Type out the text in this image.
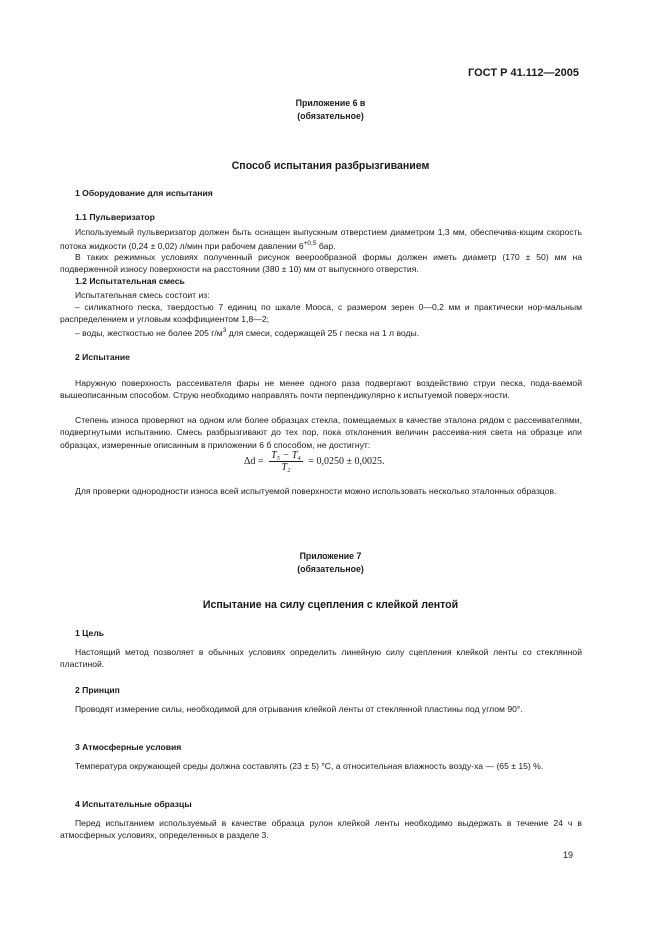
ГОСТ Р 41.112—2005
Приложение 6 в
(обязательное)
Способ испытания разбрызгиванием
1 Оборудование для испытания
1.1 Пульверизатор
Используемый пульверизатор должен быть оснащен выпускным отверстием диаметром 1,3 мм, обеспечива-ющим скорость потока жидкости (0,24 ± 0,02) л/мин при рабочем давлении $6^{+0,5}$ бар.
В таких режимных условиях полученный рисунок веерообразной формы должен иметь диаметр (170 ± 50) мм на подверженной износу поверхности на расстоянии (380 ± 10) мм от выпускного отверстия.
1.2 Испытательная смесь
Испытательная смесь состоит из:
– силикатного песка, твердостью 7 единиц по шкале Мооса, с размером зерен 0—0,2 мм и практически нор-мальным распределением и угловым коэффициентом 1,8—2;
– воды, жесткостью не более 205 $г/м^3$ для смеси, содержащей 25 г песка на 1 л воды.
2 Испытание
Наружную поверхность рассеивателя фары не менее одного раза подвергают воздействию струи песка, пода-ваемой вышеописанным способом. Струю необходимо направлять почти перпендикулярно к испытуемой поверх-ности.
Степень износа проверяют на одном или более образцах стекла, помещаемых в качестве эталона рядом с рассеивателями, подвергнутыми испытанию. Смесь разбрызгивают до тех пор, пока отклонения величин рассеива-ния света на образце или образцах, измеренные описанным в приложении 6 б способом, не достигнут:
$\Delta d = \frac{\text{T₅ − T₄}}{\text{T₂}} = 0,0250 \pm 0,0025$.
Для проверки однородности износа всей испытуемой поверхности можно использовать несколько эталонных образцов.
Приложение 7
(обязательное)
Испытание на силу сцепления с клейкой лентой
1 Цель
Настоящий метод позволяет в обычных условиях определить линейную силу сцепления клейкой ленты со стеклянной пластиной.
2 Принцип
Проводят измерение силы, необходимой для отрывания клейкой ленты от стеклянной пластины под углом 90°.
3 Атмосферные условия
Температура окружающей среды должна составлять (23 ± 5) °С, а относительная влажность возду-ха — (65 ± 15) %.
4 Испытательные образцы
Перед испытанием используемый в качестве образца рулон клейкой ленты необходимо выдержать в течение 24 ч в атмосферных условиях, определенных в разделе 3.
19
